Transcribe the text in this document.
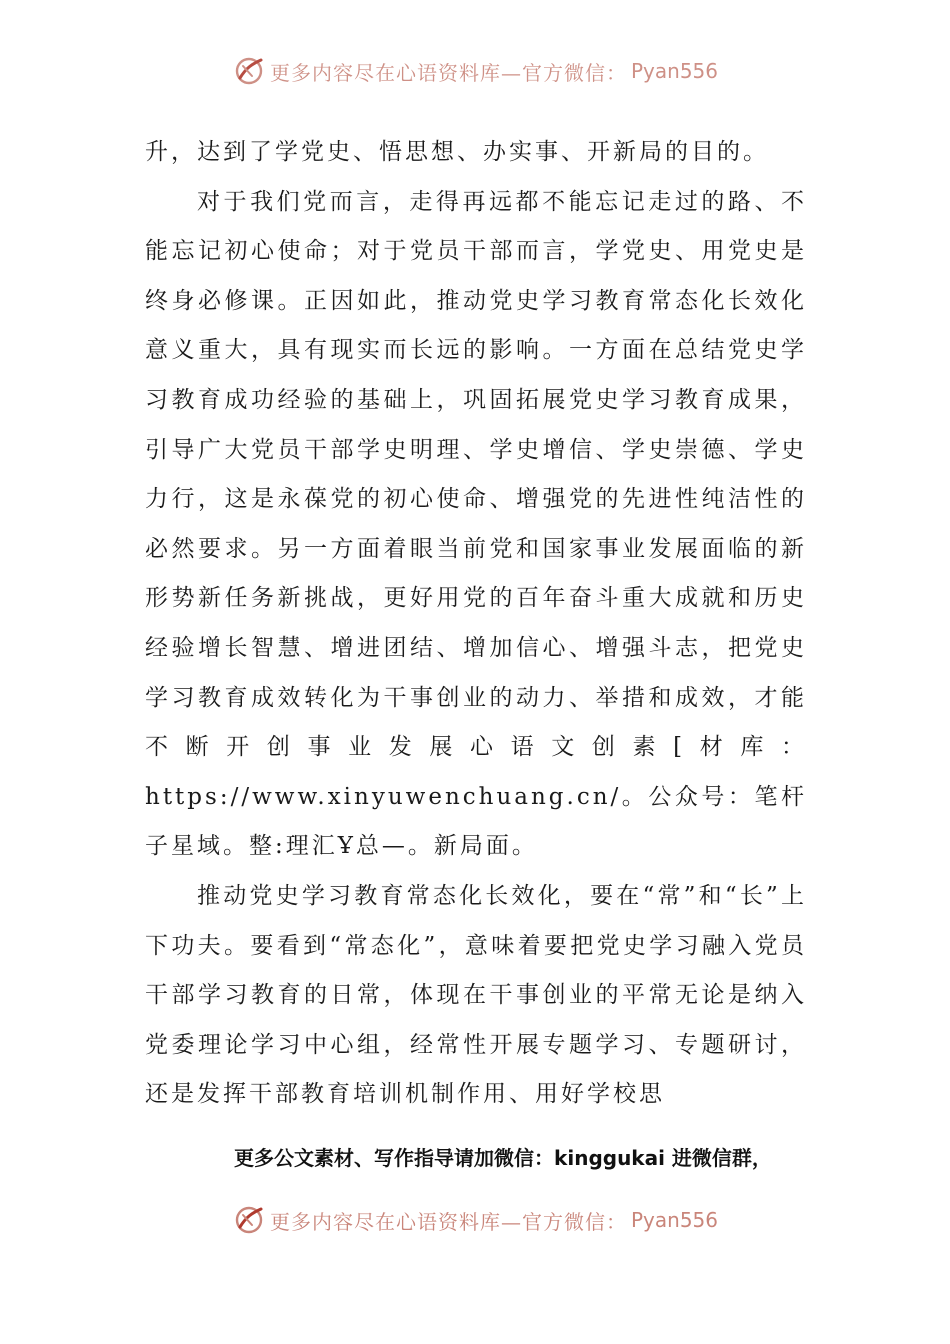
更多内容尽在心语资料库—官方微信： Pyan556

升，达到了学党史、悟思想、办实事、开新局的目的。

对于我们党而言，走得再远都不能忘记走过的路、不能忘记初心使命；对于党员干部而言，学党史、用党史是终身必修课。正因如此，推动党史学习教育常态化长效化意义重大，具有现实而长远的影响。一方面在总结党史学习教育成功经验的基础上，巩固拓展党史学习教育成果，引导广大党员干部学史明理、学史增信、学史崇德、学史力行，这是永葆党的初心使命、增强党的先进性纯洁性的必然要求。另一方面着眼当前党和国家事业发展面临的新形势新任务新挑战，更好用党的百年奋斗重大成就和历史经验增长智慧、增进团结、增加信心、增强斗志，把党史学习教育成效转化为干事创业的动力、举措和成效，才能不断开创事业发展心语文创素[材库：https://www.xinyuwenchuang.cn/。公众号：笔杆子星域。整:理汇Ұ总—。新局面。

推动党史学习教育常态化长效化，要在“常”和“长”上下功夫。要看到“常态化”，意味着要把党史学习融入党员干部学习教育的日常，体现在干事创业的平常无论是纳入党委理论学习中心组，经常性开展专题学习、专题研讨，还是发挥干部教育培训机制作用、用好学校思

更多公文素材、写作指导请加微信：kinggukai 进微信群，
更多内容尽在心语资料库—官方微信： Pyan556
